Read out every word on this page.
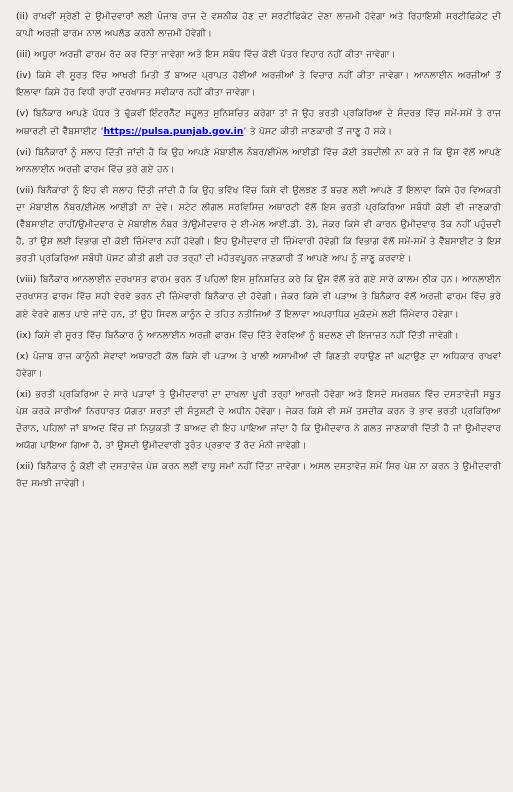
(ii) ਰਾਖਵੀਂ ਸ੍ਰੇਣੀ ਦੇ ਉਮੀਦਵਾਰਾਂ ਲਈ ਪੰਜਾਬ ਰਾਜ ਦੇ ਵਸਨੀਕ ਹੋਣ ਦਾ ਸਰਟੀਫਿਕੇਟ ਦੇਣਾ ਲਾਜ਼ਮੀ ਹੋਵੇਗਾ ਅਤੇ ਰਿਹਾਇਸ਼ੀ ਸਰਟੀਫਿਕੇਟ ਦੀ ਕਾਪੀ ਅਰਜ਼ੀ ਫਾਰਮ ਨਾਲ ਅਪਲੋਡ ਕਰਨੀ ਲਾਜ਼ਮੀ ਹੋਵੇਗੀ।

(iii) ਅਧੂਰਾ ਅਰਜ਼ੀ ਫਾਰਮ ਰੱਦ ਕਰ ਦਿੱਤਾ ਜਾਵੇਗਾ ਅਤੇ ਇਸ ਸਬੰਧ ਵਿੱਚ ਕੋਈ ਪੱਤਰ ਵਿਹਾਰ ਨਹੀਂ ਕੀਤਾ ਜਾਵੇਗਾ।

(iv) ਕਿਸੇ ਵੀ ਸੂਰਤ ਵਿੱਚ ਆਖਰੀ ਮਿਤੀ ਤੋਂ ਬਾਅਦ ਪ੍ਰਾਪਤ ਹੋਈਆਂ ਅਰਜ਼ੀਆਂ ਤੇ ਵਿਚਾਰ ਨਹੀਂ ਕੀਤਾ ਜਾਵੇਗਾ। ਆਨਲਾਈਨ ਅਰਜ਼ੀਆਂ ਤੋਂ ਇਲਾਵਾ ਕਿਸੇ ਹੋਰ ਵਿਧੀ ਰਾਹੀਂ ਦਰਖਾਸਤ ਸਵੀਕਾਰ ਨਹੀਂ ਕੀਤਾ ਜਾਵੇਗਾ।

(v) ਬਿਨੈਕਾਰ ਆਪਣੇ ਪੱਧਰ ਤੇ ਢੁੱਕਵੀਂ ਇੰਟਰਨੈੱਟ ਸਹੂਲਤ ਸੁਨਿਸ਼ਚਿਤ ਕਰੇਗਾ ਤਾਂ ਜੋ ਉਹ ਭਰਤੀ ਪ੍ਰਕਿਰਿਆ ਦੇ ਸੰਦਰਭ ਵਿੱਚ ਸਮੇਂ-ਸਮੇਂ ਤੇ ਰਾਜ ਅਥਾਰਟੀ ਦੀ ਵੈੱਬਸਾਈਟ ‘https://pulsa.punjab.gov.in’ ਤੇ ਪੋਸਟ ਕੀਤੀ ਜਾਣਕਾਰੀ ਤੋਂ ਜਾਣੂ ਹੋ ਸਕੇ।

(vi) ਬਿਨੈਕਾਰਾਂ ਨੂੰ ਸਲਾਹ ਦਿੱਤੀ ਜਾਂਦੀ ਹੈ ਕਿ ਉਹ ਆਪਣੇ ਮੋਬਾਈਲ ਨੰਬਰ/ਈਮੇਲ ਆਈਡੀ ਵਿੱਚ ਕੋਈ ਤਬਦੀਲੀ ਨਾ ਕਰੇ ਜੋ ਕਿ ਉਸ ਵੱਲੋਂ ਆਪਣੇ ਆਨਲਾਈਨ ਅਰਜ਼ੀ ਫਾਰਮ ਵਿੱਚ ਭਰੇ ਗਏ ਹਨ।

(vii) ਬਿਨੈਕਾਰਾਂ ਨੂੰ ਇਹ ਵੀ ਸਲਾਹ ਦਿੱਤੀ ਜਾਂਦੀ ਹੈ ਕਿ ਉਹ ਭਵਿੱਖ ਵਿੱਚ ਕਿਸੇ ਵੀ ਉਲਝਣ ਤੋਂ ਬਚਣ ਲਈ ਆਪਣੇ ਤੋਂ ਇਲਾਵਾ ਕਿਸੇ ਹੋਰ ਵਿਅਕਤੀ ਦਾ ਮੋਬਾਈਲ ਨੰਬਰ/ਈਮੇਲ ਆਈਡੀ ਨਾ ਦੇਵੇ। ਸਟੇਟ ਲੀਗਲ ਸਰਵਿਸਿਜ਼ ਅਥਾਰਟੀ ਵੱਲੋਂ ਇਸ ਭਰਤੀ ਪ੍ਰਕਿਰਿਆ ਸਬੰਧੀ ਕੋਈ ਵੀ ਜਾਣਕਾਰੀ (ਵੈੱਬਸਾਈਟ ਰਾਹੀਂ/ਉਮੀਦਵਾਰ ਦੇ ਮੋਬਾਈਲ ਨੰਬਰ ਤੇ/ਉਮੀਦਵਾਰ ਦੇ ਈ-ਮੇਲ ਆਈ.ਡੀ. ਤੇ), ਜੇਕਰ ਕਿਸੇ ਵੀ ਕਾਰਨ ਉਮੀਦਵਾਰ ਤੱਕ ਨਹੀਂ ਪਹੁੰਚਦੀ ਹੈ, ਤਾਂ ਉਸ ਲਈ ਵਿਭਾਗ ਦੀ ਕੋਈ ਜ਼ਿੰਮੇਵਾਰ ਨਹੀਂ ਹੋਵੇਗੀ। ਇਹ ਉਮੀਦਵਾਰ ਦੀ ਜ਼ਿੰਮੇਵਾਰੀ ਹੋਵੇਗੀ ਕਿ ਵਿਭਾਗ ਵੱਲੋਂ ਸਮੇਂ-ਸਮੇਂ ਤੇ ਵੈੱਬਸਾਈਟ ਤੇ ਇਸ ਭਰਤੀ ਪ੍ਰਕਿਰਿਆ ਸਬੰਧੀ ਪੋਸਟ ਕੀਤੀ ਗਈ ਹਰ ਤਰ੍ਹਾਂ ਦੀ ਮਹੱਤਵਪੂਰਨ ਜਾਣਕਾਰੀ ਤੋਂ ਆਪਣੇ ਆਪ ਨੂੰ ਜਾਣੂ ਕਰਵਾਏ।

(viii) ਬਿਨੈਕਾਰ ਆਨਲਾਈਨ ਦਰਖਾਸਤ ਫਾਰਮ ਭਰਨ ਤੋਂ ਪਹਿਲਾਂ ਇਸ ਸੁਨਿਸ਼ਚਿਤ ਕਰੇ ਕਿ ਉਸ ਵੱਲੋਂ ਭਰੇ ਗਏ ਸਾਰੇ ਕਾਲਮ ਠੀਕ ਹਨ। ਆਨਲਾਈਨ ਦਰਖਾਸਤ ਫਾਰਮ ਵਿੱਚ ਸਹੀ ਵੇਰਵੇ ਭਰਨ ਦੀ ਜ਼ਿੰਮੇਵਾਰੀ ਬਿਨੈਕਾਰ ਦੀ ਹੋਵੇਗੀ। ਜੇਕਰ ਕਿਸੇ ਵੀ ਪੜਾਅ ਤੇ ਬਿਨੈਕਾਰ ਵੱਲੋਂ ਅਰਜ਼ੀ ਫਾਰਮ ਵਿੱਚ ਭਰੇ ਗਏ ਵੇਰਵੇ ਗਲਤ ਪਾਏ ਜਾਂਦੇ ਹਨ, ਤਾਂ ਉਹ ਸਿਵਲ ਕਾਨੂੰਨ ਦੇ ਤਹਿਤ ਨਤੀਜਿਆਂ ਤੋਂ ਇਲਾਵਾ ਅਪਰਾਧਿਕ ਮੁਕੱਦਮੇ ਲਈ ਜ਼ਿੰਮੇਵਾਰ ਹੋਵੇਗਾ।

(ix) ਕਿਸੇ ਵੀ ਸੂਰਤ ਵਿੱਚ ਬਿਨੈਕਾਰ ਨੂੰ ਆਨਲਾਈਨ ਅਰਜ਼ੀ ਫਾਰਮ ਵਿੱਚ ਦਿੱਤੇ ਵੇਰਵਿਆਂ ਨੂੰ ਬਦਲਣ ਦੀ ਇਜਾਜ਼ਤ ਨਹੀਂ ਦਿੱਤੀ ਜਾਵੇਗੀ।

(x) ਪੰਜਾਬ ਰਾਜ ਕਾਨੂੰਨੀ ਸੇਵਾਵਾਂ ਅਥਾਰਟੀ ਕੋਲ ਕਿਸੇ ਵੀ ਪੜਾਅ ਤੇ ਖਾਲੀ ਅਸਾਮੀਆਂ ਦੀ ਗਿਣਤੀ ਵਧਾਉਣ ਜਾਂ ਘਟਾਉਣ ਦਾ ਅਧਿਕਾਰ ਰਾਖਵਾਂ ਹੋਵੇਗਾ।

(xi) ਭਰਤੀ ਪ੍ਰਕਿਰਿਆ ਦੇ ਸਾਰੇ ਪੜਾਵਾਂ ਤੇ ਉਮੀਦਵਾਰਾਂ ਦਾ ਦਾਖਲਾ ਪੂਰੀ ਤਰ੍ਹਾਂ ਆਰਜ਼ੀ ਹੋਵੇਗਾ ਅਤੇ ਇਸਦੇ ਸਮਰਥਨ ਵਿੱਚ ਦਸਤਾਵੇਜ਼ੀ ਸਬੂਤ ਪੇਸ਼ ਕਰਕੇ ਸਾਰੀਆਂ ਨਿਰਧਾਰਤ ਯੋਗਤਾ ਸ਼ਰਤਾਂ ਦੀ ਸੰਤੁਸ਼ਟੀ ਦੇ ਅਧੀਨ ਹੋਵੇਗਾ। ਜੇਕਰ ਕਿਸੇ ਵੀ ਸਮੇਂ ਤਸਦੀਕ ਕਰਨ ਤੇ ਭਾਵ ਭਰਤੀ ਪ੍ਰਕਿਰਿਆ ਦੌਰਾਨ, ਪਹਿਲਾਂ ਜਾਂ ਬਾਅਦ ਵਿੱਚ ਜਾਂ ਨਿਯੁਕਤੀ ਤੋਂ ਬਾਅਦ ਵੀ ਇਹ ਪਾਇਆ ਜਾਂਦਾ ਹੈ ਕਿ ਉਮੀਦਵਾਰ ਨੇ ਗਲਤ ਜਾਣਕਾਰੀ ਦਿੱਤੀ ਹੈ ਜਾਂ ਉਮੀਦਵਾਰ ਅਯੋਗ ਪਾਇਆ ਗਿਆ ਹੈ, ਤਾਂ ਉਸਦੀ ਉਮੀਦਵਾਰੀ ਤੁਰੰਤ ਪ੍ਰਭਾਵ ਤੋਂ ਰੱਦ ਮੰਨੀ ਜਾਵੇਗੀ।

(xii) ਬਿਨੈਕਾਰ ਨੂੰ ਕੋਈ ਵੀ ਦਸਤਾਵੇਜ਼ ਪੇਸ਼ ਕਰਨ ਲਈ ਵਾਧੂ ਸਮਾਂ ਨਹੀਂ ਦਿੱਤਾ ਜਾਵੇਗਾ। ਅਸਲ ਦਸਤਾਵੇਜ਼ ਸਮੇਂ ਸਿਰ ਪੇਸ਼ ਨਾ ਕਰਨ ਤੇ ਉਮੀਦਵਾਰੀ ਰੱਦ ਸਮਝੀ ਜਾਵੇਗੀ।
